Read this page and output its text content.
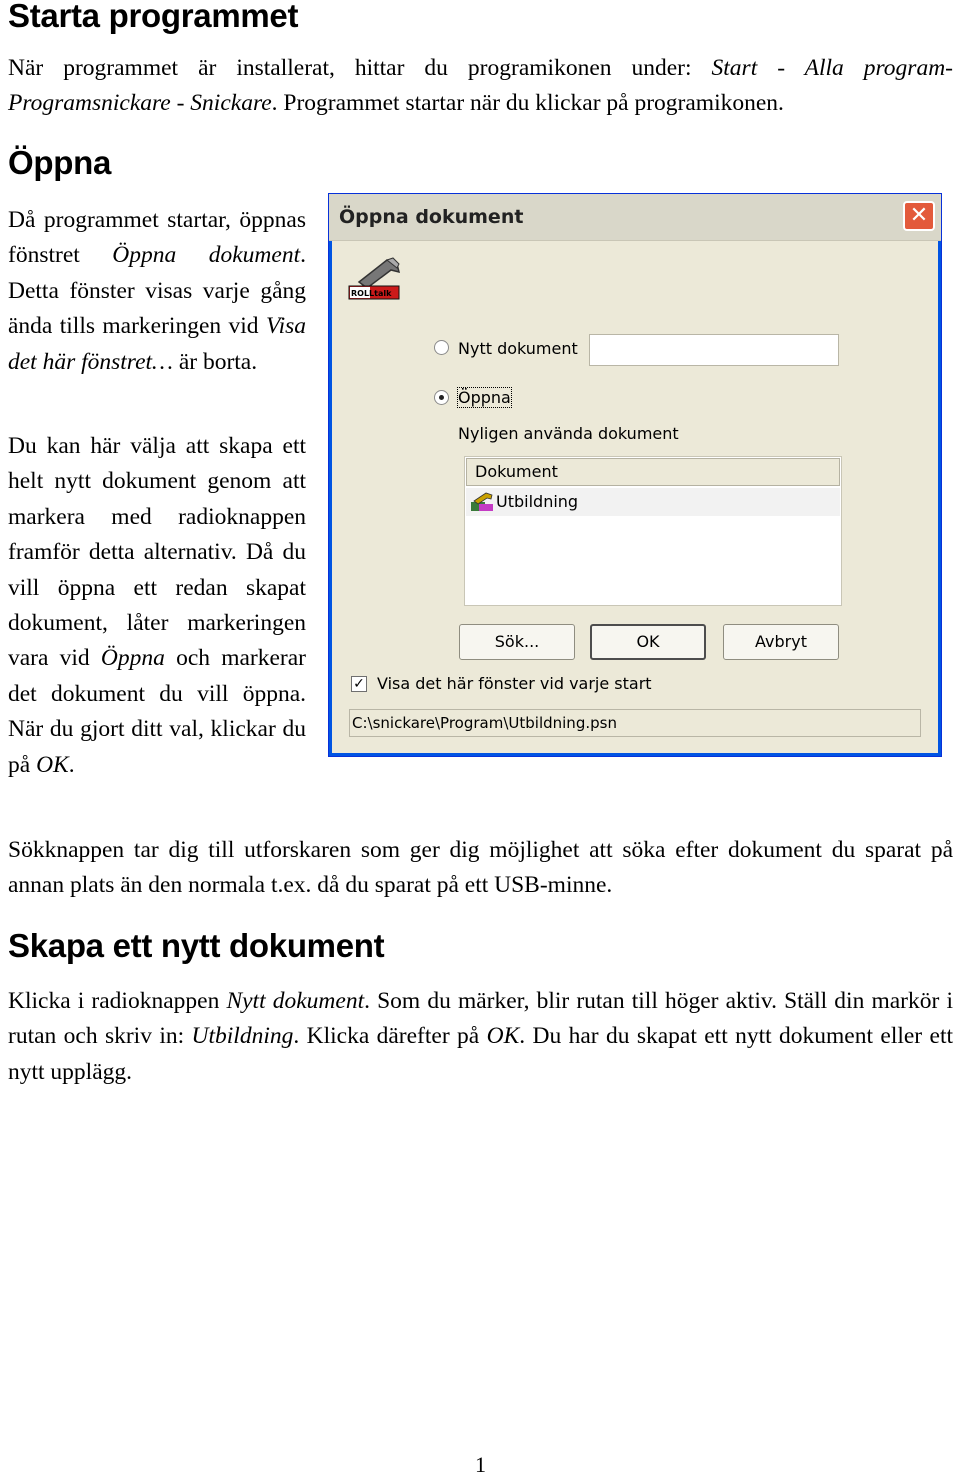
Starta programmet

När programmet är installerat, hittar du programikonen under: Start - Alla program-Programsnickare - Snickare. Programmet startar när du klickar på programikonen.

Öppna

Då programmet startar, öppnas fönstret Öppna dokument. Detta fönster visas varje gång ända tills markeringen vid Visa det här fönstret… är borta.

Du kan här välja att skapa ett helt nytt dokument genom att markera med radioknappen framför detta alternativ. Då du vill öppna ett redan skapat dokument, låter markeringen vara vid Öppna och markerar det dokument du vill öppna. När du gjort ditt val, klickar du på OK.

Sökknappen tar dig till utforskaren som ger dig möjlighet att söka efter dokument du sparat på annan plats än den normala t.ex. då du sparat på ett USB-minne.

Skapa ett nytt dokument

Klicka i radioknappen Nytt dokument. Som du märker, blir rutan till höger aktiv. Ställ din markör i rutan och skriv in: Utbildning. Klicka därefter på OK. Du har du skapat ett nytt dokument eller ett nytt upplägg.

1
Öppna dokument	✕
ROLLtalk
Nytt dokument
Öppna
Nyligen använda dokument
Dokument
Utbildning
Sök...	OK	Avbryt
✓ Visa det här fönster vid varje start
C:\snickare\Program\Utbildning.psn
